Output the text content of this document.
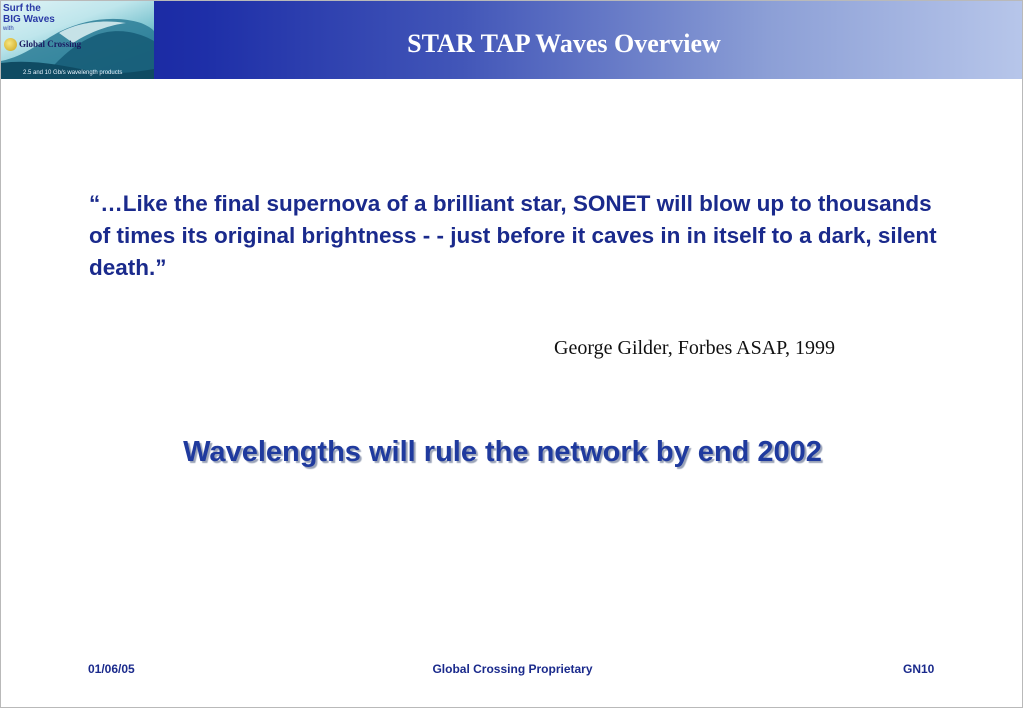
Surf the
BIG Waves
with
Global Crossing
2.5 and 10 Gb/s wavelength products
STAR TAP Waves Overview
“…Like the final supernova of a brilliant star, SONET will blow up to thousands of times its original brightness - - just before it caves in in itself to a dark, silent death.”
George Gilder, Forbes ASAP, 1999
Wavelengths will rule the network by end 2002
01/06/05	Global Crossing Proprietary	GN10
